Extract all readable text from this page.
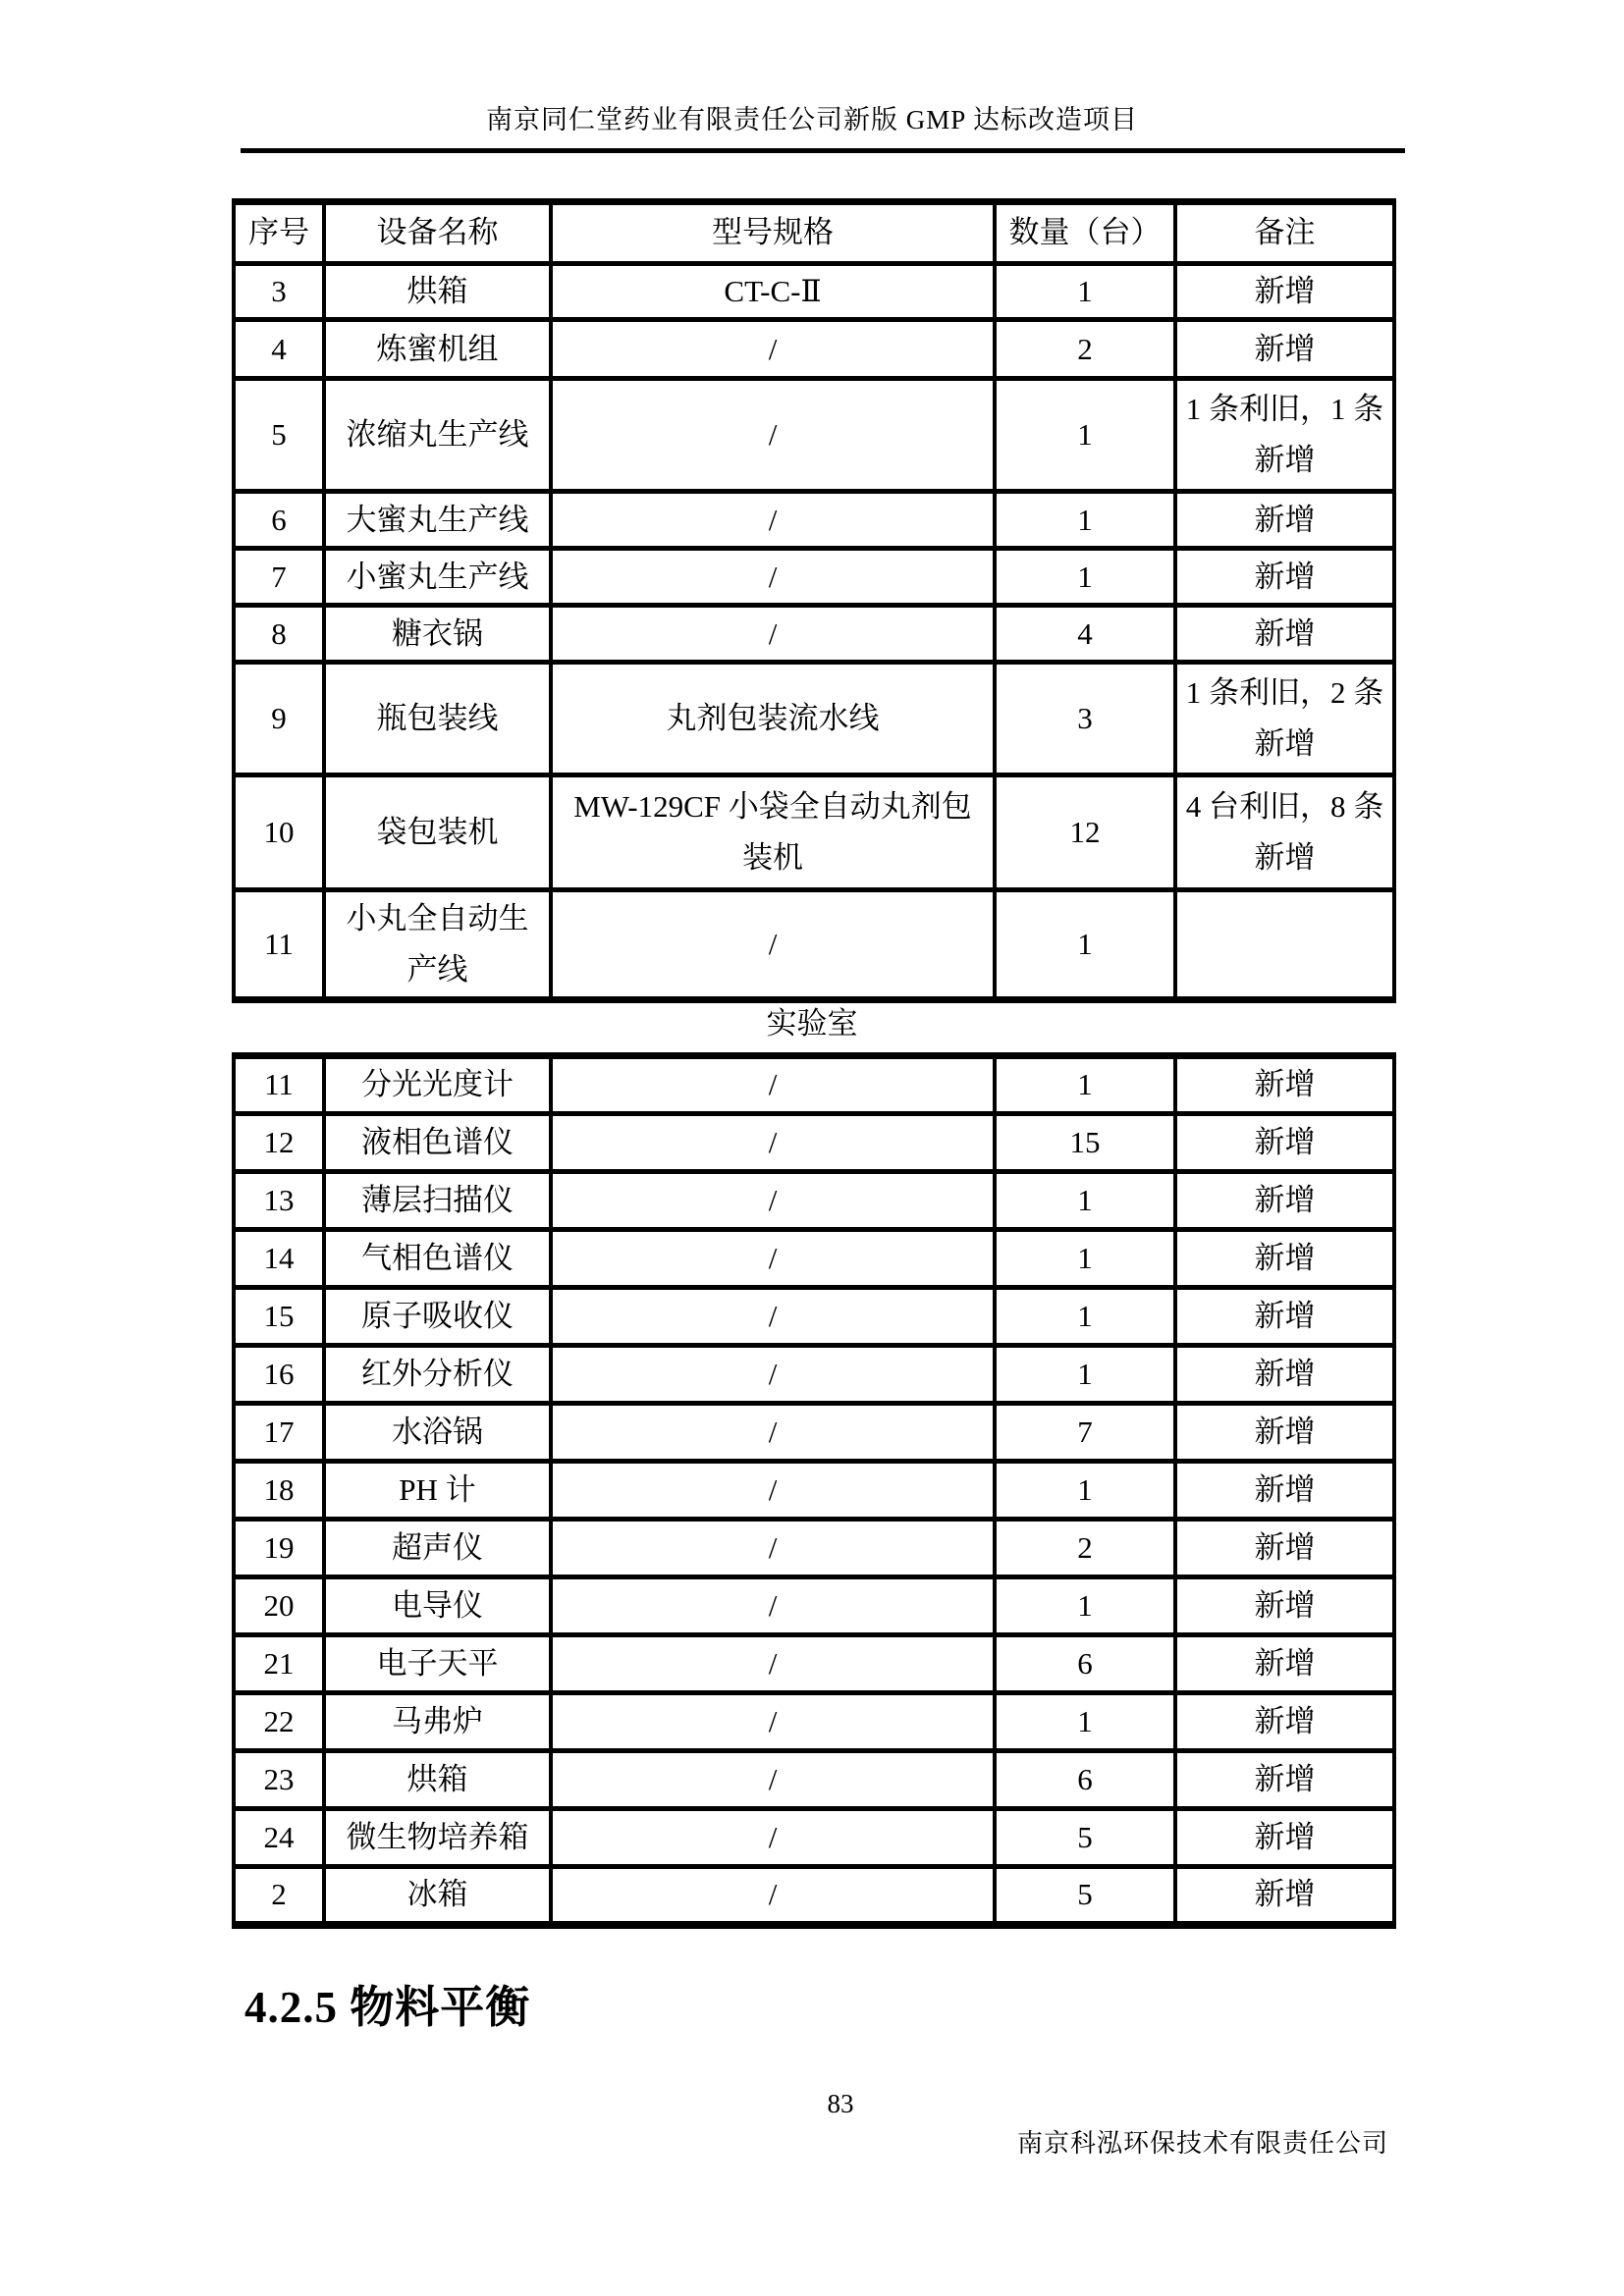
南京同仁堂药业有限责任公司新版 GMP 达标改造项目
序号	设备名称	型号规格	数量（台）	备注
3	烘箱	CT-C-Ⅱ	1	新增
4	炼蜜机组	/	2	新增
5	浓缩丸生产线	/	1	1 条利旧，1 条新增
6	大蜜丸生产线	/	1	新增
7	小蜜丸生产线	/	1	新增
8	糖衣锅	/	4	新增
9	瓶包装线	丸剂包装流水线	3	1 条利旧，2 条新增
10	袋包装机	MW-129CF 小袋全自动丸剂包装机	12	4 台利旧，8 条新增
11	小丸全自动生产线	/	1	
实验室
11	分光光度计	/	1	新增
12	液相色谱仪	/	15	新增
13	薄层扫描仪	/	1	新增
14	气相色谱仪	/	1	新增
15	原子吸收仪	/	1	新增
16	红外分析仪	/	1	新增
17	水浴锅	/	7	新增
18	PH 计	/	1	新增
19	超声仪	/	2	新增
20	电导仪	/	1	新增
21	电子天平	/	6	新增
22	马弗炉	/	1	新增
23	烘箱	/	6	新增
24	微生物培养箱	/	5	新增
2	冰箱	/	5	新增
4.2.5 物料平衡
83
南京科泓环保技术有限责任公司
